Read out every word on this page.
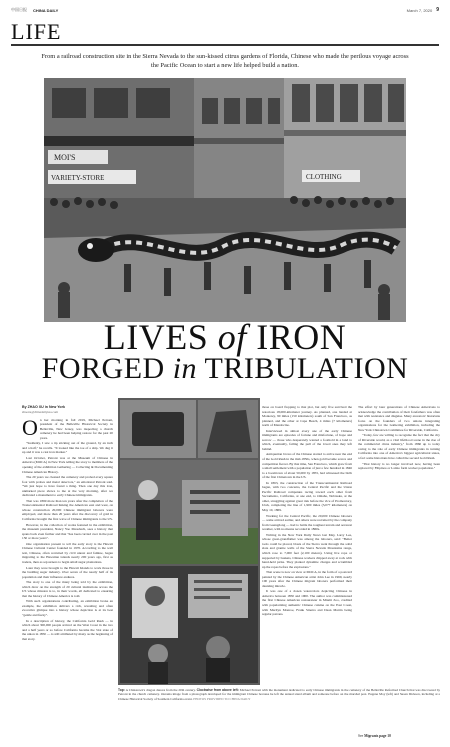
中国日报 CHINA DAILY	March 7, 2020 9
LIFE
From a railroad construction site in the Sierra Nevada to the sun-kissed citrus gardens of Florida, Chinese who made the perilous voyage across the Pacific Ocean to start a new life helped build a nation.
MOI'S
VARIETY-STORE	CLOTHING
LIVES of IRON
FORGED in TRIBULATION
By ZHAO XU in New York
zhaoxu@chinadailyusa.com

On her morning in fall 2019, Michael Petroni, president of the Belleville Historical Society in Belleville, New Jersey, was inspecting a church cemetery he had been helping restore for the past 20 years.

"Suddenly, I saw a tip sticking out of the ground, by an inch and a half," he recalls. "It looked like the toe of a ship. We dug it up and it was a cast iron marker."

Last October, Petroni was at the Museum of Chinese in America (MOCA) in New York telling the story to members of the opening of the exhibition Gathering — Collecting & Documenting Chinese American History.

The 20 years we cleaned the cemetery and probed every square foot with probes and metal detectors," an emotional Petroni said. "We just hope to have found a thing. Then one day this iron, unmarked piece shows to me at the very morning, after we dedicated a monument to early Chinese immigrants.

That was 1869 more than ten years after the completion of the Transcontinental Railroad linking the American east and west, on whose construction 20,000 Chinese immigrant laborers were employed, and more than 20 years after the discovery of gold in California brought the first wave of Chinese immigrants to the US.

However, in the collection of works featured in the exhibition, the museum president, Nancy Yao Maasbach, sees a history that spans back even further and that "has been carried over in the past 150 or more years".

One organization present to tell the early story is the Hawaii Chinese Cultural Center founded in 1970. According to the wall text, Chinese, often recruited by civil unrest and famine, began migrating to the Hawaiian islands nearly 200 years ago, first as traders, then as sojourners to begin small sugar plantations.

Later they were brought to the Hawaii Islands to work those in the budding sugar industry. Over seven of the nearly half of its population and their influence endures.

The story is one of the many being told by the exhibition, which drew on the strength of 20 cultural institutions across the US whose mission is to, in their words, all dedicated to ensuring that the history of Chinese America is told.

With such organizations contributing, an exhibition broke an example, the exhibition delivers a rich, revealing and often evocative glimpse into a history whose depiction is at its best "gentle and fuzzy".

In a description of history, the California Gold Rush — in which about 300,000 people arrived on the West Coast in the two and a half years or so before California became the 31st state of the union in 1850 — is still attributed by many as the beginning of that story.

those on board flopping to that plot, but only five survived the notorious 18,000-kilometer journey. As planned, one landed at Monterey, 90 miles (150 kilometers) south of San Francisco, as planned, and the other at Cape Beach, 4 miles (7 kilometers) north of Mendocino.

Interviewed in almost every one of the early Chinese immigrants are episodes of fortune and misfortune, of hope and sorrow — those who desperately wanted a foothold in a land to which, eventually, failing the pull of the loved ones they left behind.

Antiquarian brows of the Chinese started to arrive near the end of the Gold Rush in the mid-1850s, when gold became scarce and competition fiercer. By that time, San Francisco, which grew from a small settlement with a population of just a few hundred in 1846 to a boomtown of about 50,000 by 1855, had witnessed the birth of the first Chinatown in the US.

In 1863, the construction of the Transcontinental Railroad began, with two concerns, the Central Pacific and the Union Pacific Railroad companies racing toward each other from Sacramento, California, at one end, to Omaha, Nebraska, at the other, struggling against great risk before the vice of Promontory, Utah, completing the line of 1,900 miles (3,077 kilometers) on May 10, 1869.

Working for the Central Pacific, the 20,000 Chinese laborers — some arrived earlier, and others were recruited by the company from Guangdong — had to battle the toughest terrain and severest weather, with no means recorded in 1860s.

Writing in the New York Daily News last May, Larry Lee, whose great-grandfather was among the laborers, said: "Better tools could be placed, blasts of the Sierra went through the solid slate and granite walls of the Sierra Nevada Mountains range, which rose to 7,000 feet (2,100 meters). Using live rope or supported by baskets, Chinese workers chipped away at rock with hand-held picks. They planted dynamite charges and scrambled up the ropes before the explosions."

That scene is now on view at MOCA, in the form of a postcard painted by the Chinese American artist John Lee in 1969, nearly 100 years after the Chinese migrant laborers performed their daunting miracle.

It was one of a dozen watercolors depicting Chinese in America between 1850 and 1900. The author was commissioned the first Chinese American restaurateur in Miami Zoo, credited with popularizing authentic Chinese cuisine on the East Coast, with Marilyn Monroe, Frank Sinatra and Dean Martin being regular patrons.

The effort by later generations of Chinese Americans to acknowledge the contribution of their forefathers was often met with resistance and disguise. Many ancestors' historians focus on the founders of two unions integrating organizations for the Gathering exhibition, including the New York Chinatown Committee for Riverside, California.

"Today, few are willing to recognize the fact that the city of Riverside would, as a vital lifeblood scene in the rise of the commercial citrus industry," from 1860 up to today owing to the role of early Chinese immigrants in turning California into one of America's biggest agricultural states, a fact some historians have called the second Gold Rush.

"That history is no longer involved now, having been replaced by Filipinos or Latino farm worker population."

Top: A Chinatown's dragon dances from the 20th century. Clockwise from above left: Michael Petroni with the monument dedicated to early Chinese immigrants in the cemetery of the Belleville Reformed Church that was discovered by Petroni in the church cemetery. Ourania image from a photograph developed for the immigrant Chinese because he left the annual stand album and someone before on the marshal post. Eugene Moy (left) and Susan Dickson, including at a Chinese Historical Society of Southern California event. PHOTOS PROVIDED TO CHINA DAILY
See Migrants page 10
